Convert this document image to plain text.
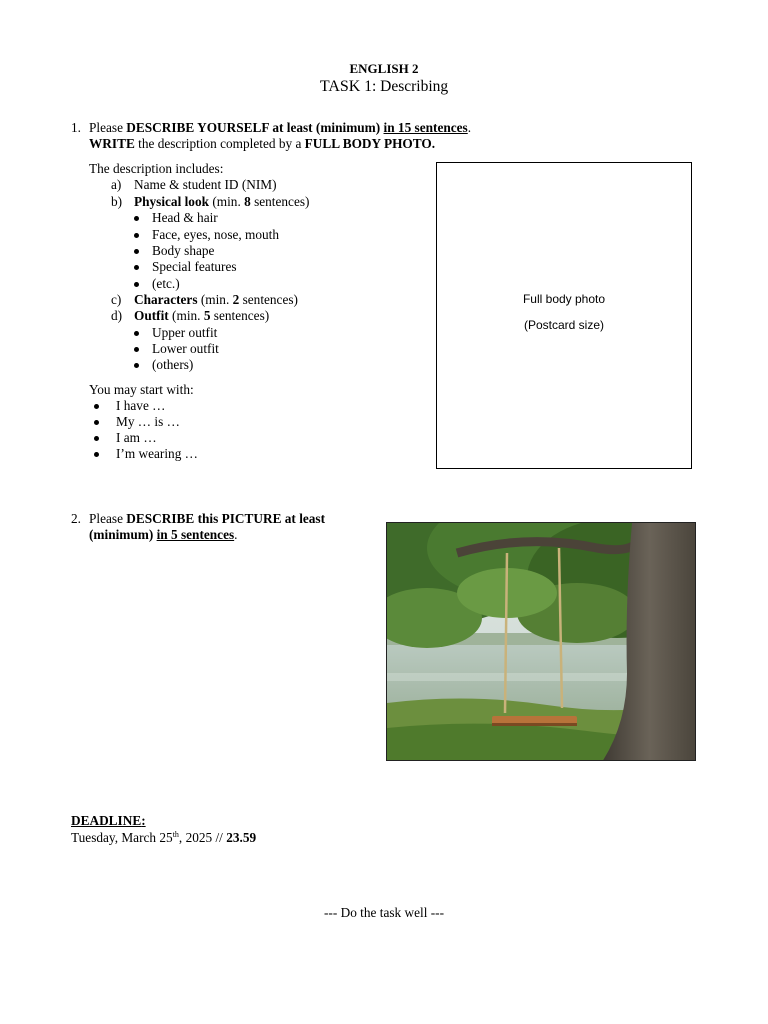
ENGLISH 2
TASK 1: Describing
1. Please DESCRIBE YOURSELF at least (minimum) in 15 sentences.
WRITE the description completed by a FULL BODY PHOTO.
The description includes:
a) Name & student ID (NIM)
b) Physical look (min. 8 sentences)
Head & hair
Face, eyes, nose, mouth
Body shape
Special features
(etc.)
c) Characters (min. 2 sentences)
d) Outfit (min. 5 sentences)
Upper outfit
Lower outfit
(others)
You may start with:
I have …
My … is …
I am …
I’m wearing …
Full body photo
(Postcard size)
2. Please DESCRIBE this PICTURE at least
(minimum) in 5 sentences.
DEADLINE:
Tuesday, March 25th, 2025 // 23.59
--- Do the task well ---
